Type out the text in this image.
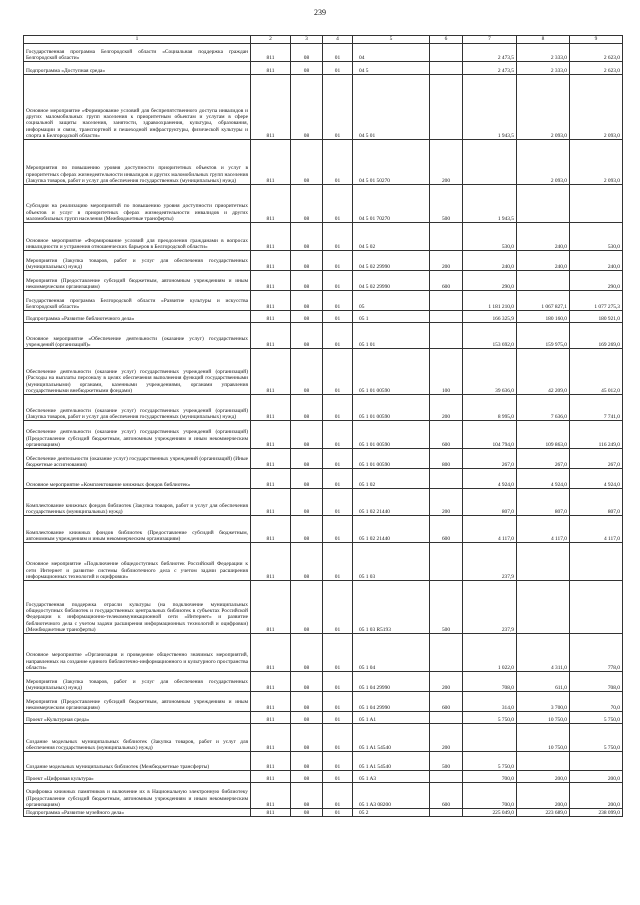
239
1	2	3	4	5	6	7	8	9
Государственная программа Белгородской области «Социальная поддержка граждан Белгородской области»	811	08	01	04		2 473,5	2 333,0	2 623,0
Подпрограмма «Доступная среда»	811	08	01	04 5		2 473,5	2 333,0	2 623,0
Основное мероприятие «Формирование условий для беспрепятственного доступа инвалидов и других маломобильных групп населения к приоритетным объектам и услугам в сфере социальной защиты населения, занятости, здравоохранения, культуры, образования, информации и связи, транспортной и пешеходной инфраструктуры, физической культуры и спорта в Белгородской области»	811	08	01	04 5 01		1 943,5	2 093,0	2 093,0
Мероприятия по повышению уровня доступности приоритетных объектов и услуг в приоритетных сферах жизнедеятельности инвалидов и других маломобильных групп населения (Закупка товаров, работ и услуг для обеспечения государственных (муниципальных) нужд)	811	08	01	04 5 01 50270	200		2 093,0	2 093,0
Субсидии на реализацию мероприятий по повышению уровня доступности приоритетных объектов и услуг в приоритетных сферах жизнедеятельности инвалидов и других маломобильных групп населения (Межбюджетные трансферты)	811	08	01	04 5 01 70270	500	1 943,5		
Основное мероприятие «Формирование условий для преодоления гражданами в вопросах инвалидности и устранения отношенческих барьеров в Белгородской области»	811	08	01	04 5 02		530,0	240,0	530,0
Мероприятия (Закупка товаров, работ и услуг для обеспечения государственных (муниципальных) нужд)	811	08	01	04 5 02 29990	200	240,0	240,0	240,0
Мероприятия (Предоставление субсидий бюджетным, автономным учреждениям и иным некоммерческим организациям)	811	08	01	04 5 02 29990	600	290,0		290,0
Государственная программа Белгородской области «Развитие культуры и искусства Белгородской области»	811	08	01	05		1 181 210,0	1 067 827,1	1 077 275,3
Подпрограмма «Развитие библиотечного дела»	811	08	01	05 1		166 325,9	180 160,0	180 921,0
Основное мероприятие «Обеспечение деятельности (оказание услуг) государственных учреждений (организаций)»	811	08	01	05 1 01		153 692,0	159 975,0	169 269,0
Обеспечение деятельности (оказание услуг) государственных учреждений (организаций) (Расходы на выплаты персоналу в целях обеспечения выполнения функций государственными (муниципальными) органами, казенными учреждениями, органами управления государственными внебюджетными фондами)	811	08	01	05 1 01 00590	100	39 636,0	42 209,0	45 012,0
Обеспечение деятельности (оказание услуг) государственных учреждений (организаций) (Закупка товаров, работ и услуг для обеспечения государственных (муниципальных) нужд)	811	08	01	05 1 01 00590	200	8 995,0	7 636,0	7 741,0
Обеспечение деятельности (оказание услуг) государственных учреждений (организаций) (Предоставление субсидий бюджетным, автономным учреждениям и иным некоммерческим организациям)	811	08	01	05 1 01 00590	600	104 794,0	109 863,0	116 249,0
Обеспечение деятельности (оказание услуг) государственных учреждений (организаций) (Иные бюджетные ассигнования)	811	08	01	05 1 01 00590	800	267,0	267,0	267,0
Основное мероприятие «Комплектование книжных фондов библиотек»	811	08	01	05 1 02		4 924,0	4 924,0	4 924,0
Комплектование книжных фондов библиотек (Закупка товаров, работ и услуг для обеспечения государственных (муниципальных) нужд)	811	08	01	05 1 02 21440	200	807,0	807,0	807,0
Комплектование книжных фондов библиотек (Предоставление субсидий бюджетным, автономным учреждениям и иным некоммерческим организациям)	811	08	01	05 1 02 21440	600	4 117,0	4 117,0	4 117,0
Основное мероприятие «Подключение общедоступных библиотек Российской Федерации к сети Интернет и развитие системы библиотечного дела с учетом задачи расширения информационных технологий и оцифровки»	811	08	01	05 1 03		237,9		
Государственная поддержка отрасли культуры (на подключение муниципальных общедоступных библиотек и государственных центральных библиотек в субъектах Российской Федерации к информационно-телекоммуникационной сети «Интернет» и развитие библиотечного дела с учетом задачи расширения информационных технологий и оцифровки) (Межбюджетные трансферты)	811	08	01	05 1 03 R5193	500	237,9		
Основное мероприятие «Организация и проведение общественно значимых мероприятий, направленных на создание единого библиотечно-информационного и культурного пространства области»	811	08	01	05 1 04		1 022,0	4 311,0	778,0
Мероприятия (Закупка товаров, работ и услуг для обеспечения государственных (муниципальных) нужд)	811	08	01	05 1 04 29990	200	708,0	611,0	708,0
Мероприятия (Предоставление субсидий бюджетным, автономным учреждениям и иным некоммерческим организациям)	811	08	01	05 1 04 29990	600	314,0	3 700,0	70,0
Проект «Культурная среда»	811	08	01	05 1 A1		5 750,0	10 750,0	5 750,0
Создание модельных муниципальных библиотек (Закупка товаров, работ и услуг для обеспечения государственных (муниципальных) нужд)	811	08	01	05 1 A1 54540	200		10 750,0	5 750,0
Создание модельных муниципальных библиотек (Межбюджетные трансферты)	811	08	01	05 1 A1 54540	500	5 750,0		
Проект «Цифровая культура»	811	08	01	05 1 A3		700,0	200,0	200,0
Оцифровка книжных памятников и включение их в Национальную электронную библиотеку (Предоставление субсидий бюджетным, автономным учреждениям и иным некоммерческим организациям)	811	08	01	05 1 A3 08200	600	700,0	200,0	200,0
Подпрограмма «Развитие музейного дела»	811	08	01	05 2		225 049,0	223 689,0	238 099,0
